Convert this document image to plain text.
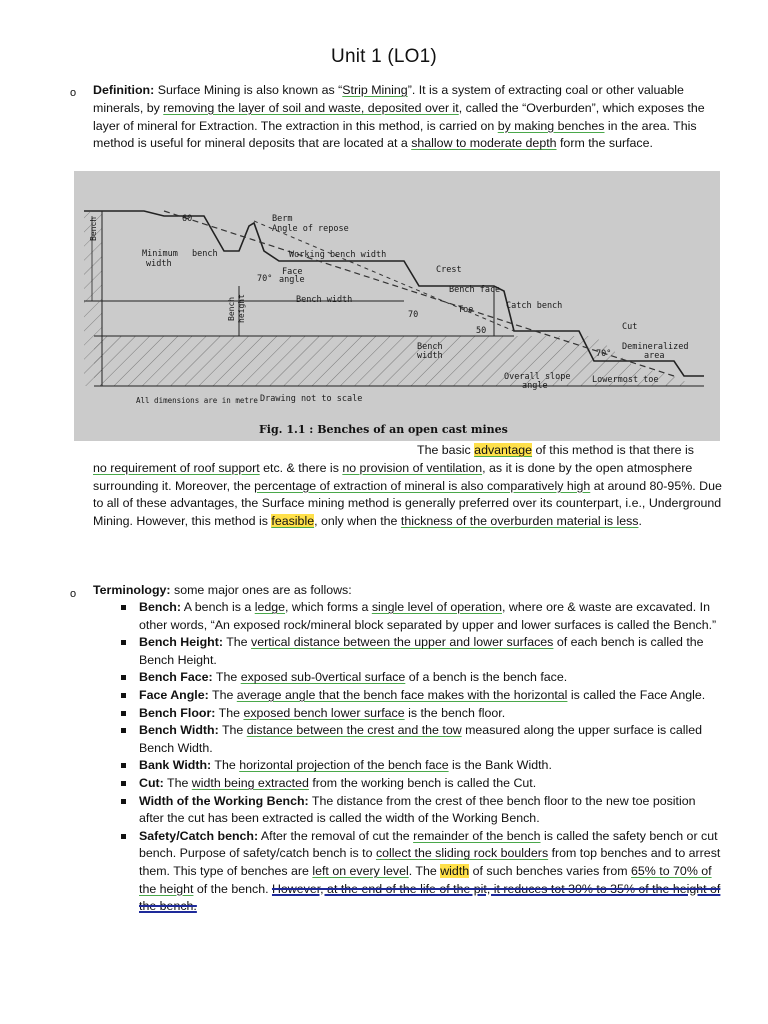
Unit 1 (LO1)
o Definition: Surface Mining is also known as “Strip Mining”. It is a system of extracting coal or other valuable minerals, by removing the layer of soil and waste, deposited over it, called the “Overburden”, which exposes the layer of mineral for Extraction. The extraction in this method, is carried on by making benches in the area. This method is useful for mineral deposits that are located at a shallow to moderate depth form the surface.
60	Berm
Angle of repose
Minimum
width
bench	Working bench width
Face
angle
70°
Crest
Bench face
Bench width
Toe	Catch bench
70
50	Cut
Bench
width
Demineralized
area
70°
Overall slope
angle
Lowermost toe
All dimensions are in metre Drawing not to scale
Bench
Bench height
Fig. 1.1 : Benches of an open cast mines
The basic advantage of this method is that there is
no requirement of roof support etc. & there is no provision of ventilation, as it is done by the open atmosphere surrounding it. Moreover, the percentage of extraction of mineral is also comparatively high at around 80-95%. Due to all of these advantages, the Surface mining method is generally preferred over its counterpart, i.e., Underground Mining. However, this method is feasible, only when the thickness of the overburden material is less.
o Terminology: some major ones are as follows:
Bench: A bench is a ledge, which forms a single level of operation, where ore & waste are excavated. In other words, “An exposed rock/mineral block separated by upper and lower surfaces is called the Bench.”
Bench Height: The vertical distance between the upper and lower surfaces of each bench is called the Bench Height.
Bench Face: The exposed sub-0vertical surface of a bench is the bench face.
Face Angle: The average angle that the bench face makes with the horizontal is called the Face Angle.
Bench Floor: The exposed bench lower surface is the bench floor.
Bench Width: The distance between the crest and the tow measured along the upper surface is called Bench Width.
Bank Width: The horizontal projection of the bench face is the Bank Width.
Cut: The width being extracted from the working bench is called the Cut.
Width of the Working Bench: The distance from the crest of thee bench floor to the new toe position after the cut has been extracted is called the width of the Working Bench.
Safety/Catch bench: After the removal of cut the remainder of the bench is called the safety bench or cut bench. Purpose of safety/catch bench is to collect the sliding rock boulders from top benches and to arrest them. This type of benches are left on every level. The width of such benches varies from 65% to 70% of the height of the bench. However, at the end of the life of the pit, it reduces tot 30% to 35% of the height of the bench.
